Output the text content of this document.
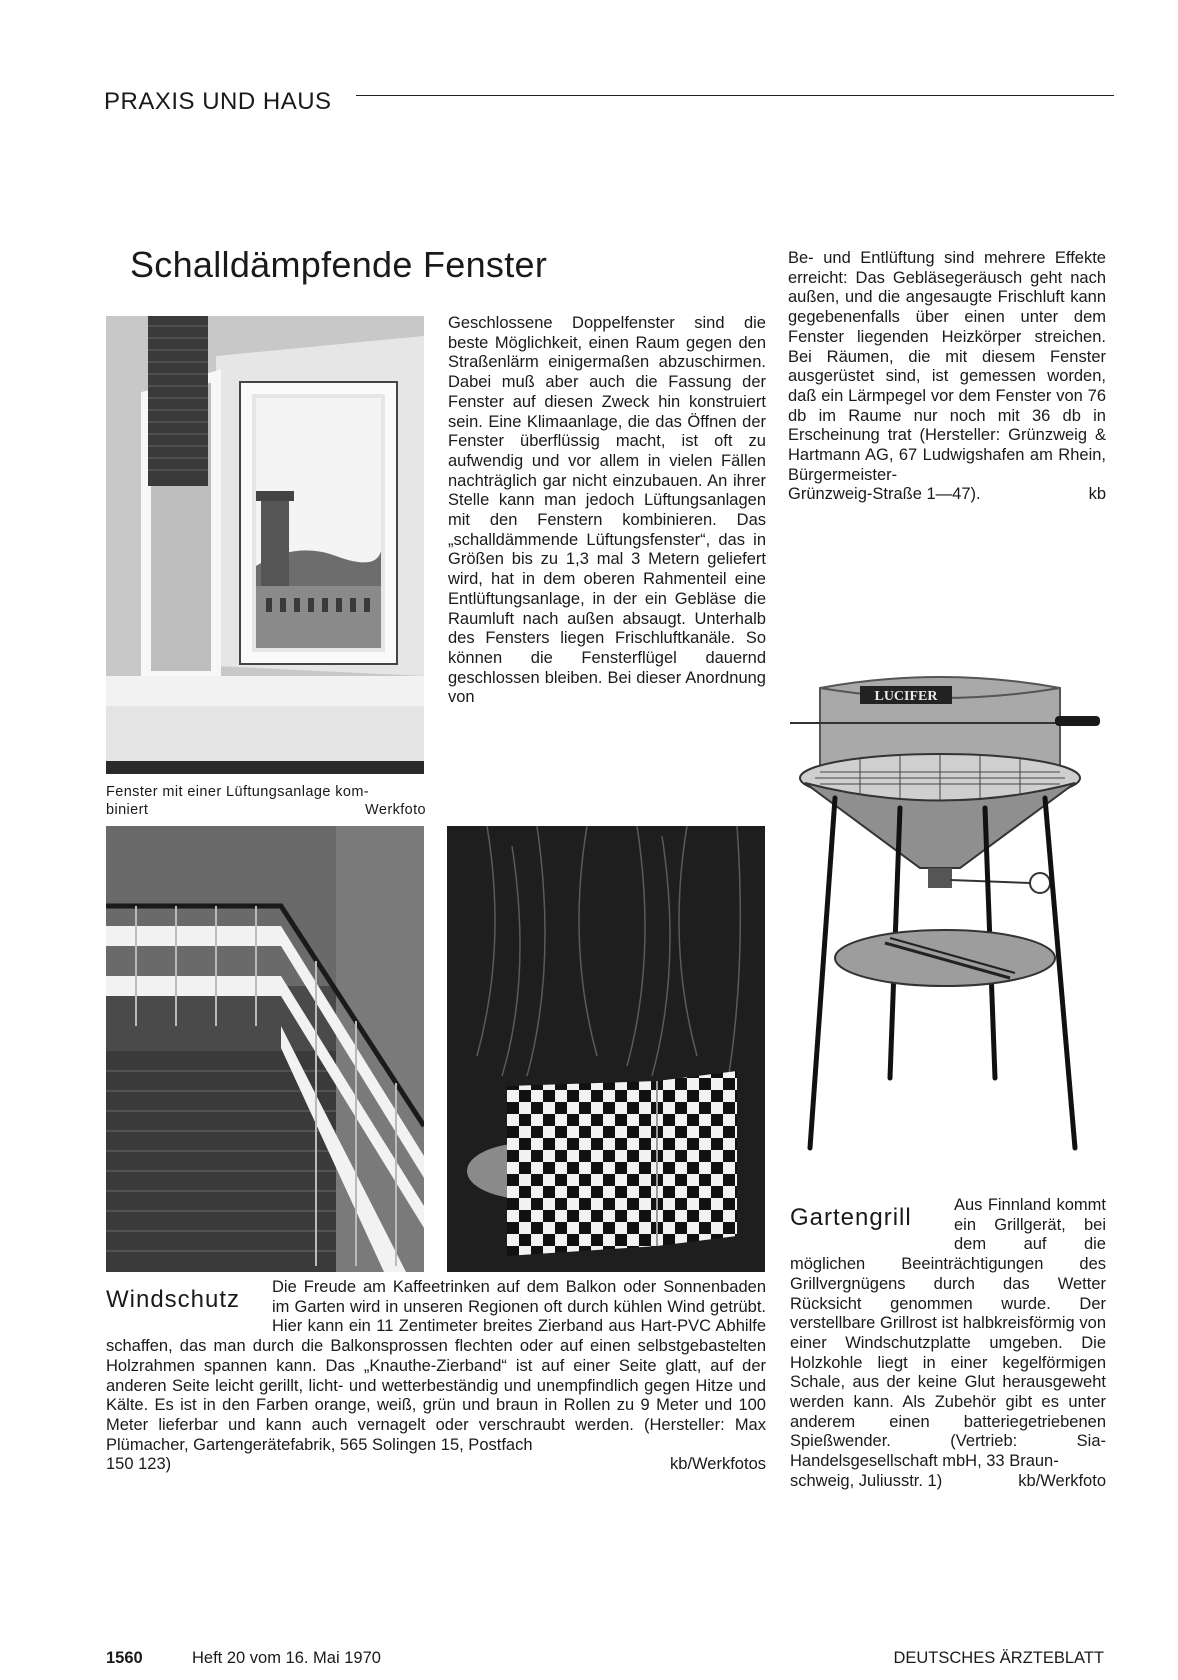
PRAXIS UND HAUS
Schalldämpfende Fenster
Fenster mit einer Lüftungsanlage kom-
biniert	Werkfoto

Geschlossene Doppelfenster sind die beste Möglichkeit, einen Raum gegen den Straßenlärm einigermaßen abzuschirmen. Dabei muß aber auch die Fassung der Fenster auf diesen Zweck hin konstruiert sein. Eine Klimaanlage, die das Öffnen der Fenster überflüssig macht, ist oft zu aufwendig und vor allem in vielen Fällen nachträglich gar nicht einzubauen. An ihrer Stelle kann man jedoch Lüftungsanlagen mit den Fenstern kombinieren. Das „schalldämmende Lüftungsfenster“, das in Größen bis zu 1,3 mal 3 Metern geliefert wird, hat in dem oberen Rahmenteil eine Entlüftungsanlage, in der ein Gebläse die Raumluft nach außen absaugt. Unterhalb des Fensters liegen Frischluftkanäle. So können die Fensterflügel dauernd geschlossen bleiben. Bei dieser Anordnung von

Be- und Entlüftung sind mehrere Effekte erreicht: Das Gebläsegeräusch geht nach außen, und die angesaugte Frischluft kann gegebenenfalls über einen unter dem Fenster liegenden Heizkörper streichen. Bei Räumen, die mit diesem Fenster ausgerüstet sind, ist gemessen worden, daß ein Lärmpegel vor dem Fenster von 76 db im Raume nur noch mit 36 db in Erscheinung trat (Hersteller: Grünzweig & Hartmann AG, 67 Ludwigshafen am Rhein, Bürgermeister-

Grünzweig-Straße 1—47).	kb
LUCIFER

Windschutz	Die Freude am Kaffeetrinken auf dem Balkon oder Sonnenbaden im Garten wird in unseren Regionen oft durch kühlen Wind getrübt. Hier kann ein 11 Zentimeter breites Zierband aus Hart-PVC Abhilfe schaffen, das man durch die Balkonsprossen flechten oder auf einen selbstgebastelten Holzrahmen spannen kann. Das „Knauthe-Zierband“ ist auf einer Seite glatt, auf der anderen Seite leicht gerillt, licht- und wetterbeständig und unempfindlich gegen Hitze und Kälte. Es ist in den Farben orange, weiß, grün und braun in Rollen zu 9 Meter und 100 Meter lieferbar und kann auch vernagelt oder verschraubt werden. (Hersteller: Max Plümacher, Gartengerätefabrik, 565 Solingen 15, Postfach

150 123)	kb/Werkfotos

Gartengrill	Aus Finnland kommt ein Grillgerät, bei dem auf die möglichen Beeinträchtigungen des Grillvergnügens durch das Wetter Rücksicht genommen wurde. Der verstellbare Grillrost ist halbkreisförmig von einer Windschutzplatte umgeben. Die Holzkohle liegt in einer kegelförmigen Schale, aus der keine Glut herausgeweht werden kann. Als Zubehör gibt es unter anderem einen batteriegetriebenen Spießwender. (Vertrieb: Sia-Handelsgesellschaft mbH, 33 Braun-

schweig, Juliusstr. 1)	kb/Werkfoto
1560	Heft 20 vom 16. Mai 1970	DEUTSCHES ÄRZTEBLATT
